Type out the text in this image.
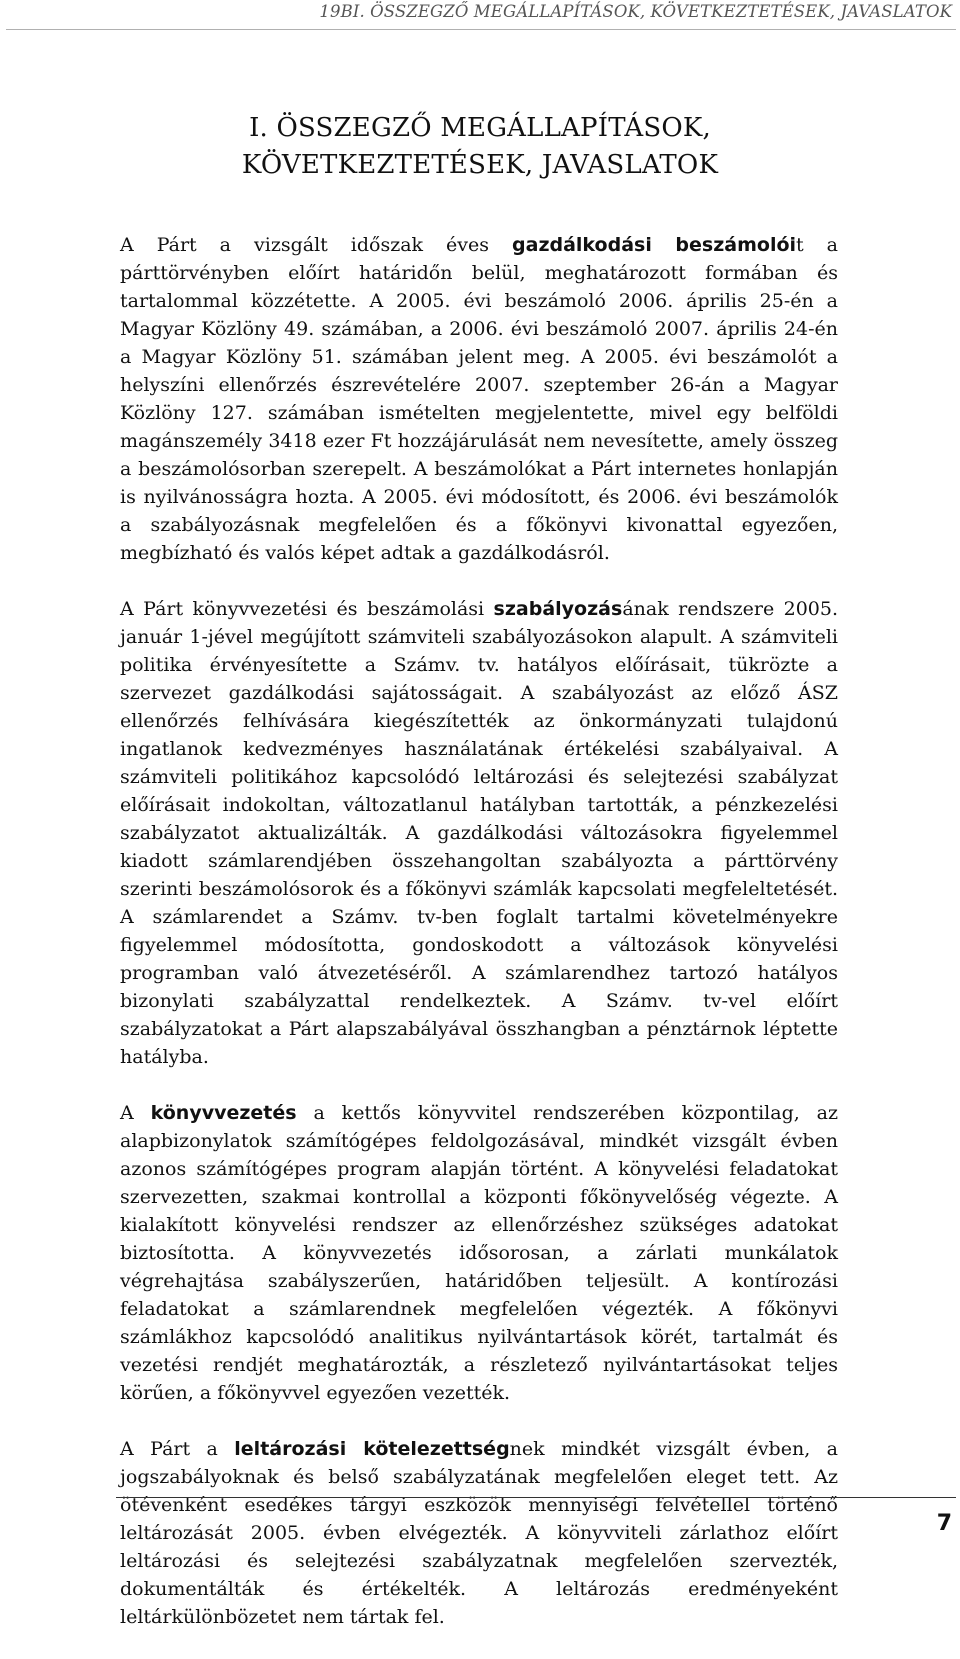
19BI. ÖSSZEGZŐ MEGÁLLAPÍTÁSOK, KÖVETKEZTETÉSEK, JAVASLATOK
I. ÖSSZEGZŐ MEGÁLLAPÍTÁSOK, KÖVETKEZTETÉSEK, JAVASLATOK

A Párt a vizsgált időszak éves gazdálkodási beszámolóit a párttörvényben előírt határidőn belül, meghatározott formában és tartalommal közzétette. A 2005. évi beszámoló 2006. április 25-én a Magyar Közlöny 49. számában, a 2006. évi beszámoló 2007. április 24-én a Magyar Közlöny 51. számában jelent meg. A 2005. évi beszámolót a helyszíni ellenőrzés észrevételére 2007. szeptember 26-án a Magyar Közlöny 127. számában ismételten megjelentette, mivel egy belföldi magánszemély 3418 ezer Ft hozzájárulását nem nevesítette, amely összeg a beszámolósorban szerepelt. A beszámolókat a Párt internetes honlapján is nyilvánosságra hozta. A 2005. évi módosított, és 2006. évi beszámolók a szabályozásnak megfelelően és a főkönyvi kivonattal egyezően, megbízható és valós képet adtak a gazdálkodásról.

A Párt könyvvezetési és beszámolási szabályozásának rendszere 2005. január 1-jével megújított számviteli szabályozásokon alapult. A számviteli politika érvényesítette a Számv. tv. hatályos előírásait, tükrözte a szervezet gazdálkodási sajátosságait. A szabályozást az előző ÁSZ ellenőrzés felhívására kiegészítették az önkormányzati tulajdonú ingatlanok kedvezményes használatának értékelési szabályaival. A számviteli politikához kapcsolódó leltározási és selejtezési szabályzat előírásait indokoltan, változatlanul hatályban tartották, a pénzkezelési szabályzatot aktualizálták. A gazdálkodási változásokra figyelemmel kiadott számlarendjében összehangoltan szabályozta a párttörvény szerinti beszámolósorok és a főkönyvi számlák kapcsolati megfeleltetését. A számlarendet a Számv. tv-ben foglalt tartalmi követelményekre figyelemmel módosította, gondoskodott a változások könyvelési programban való átvezetéséről. A számlarendhez tartozó hatályos bizonylati szabályzattal rendelkeztek. A Számv. tv-vel előírt szabályzatokat a Párt alapszabályával összhangban a pénztárnok léptette hatályba.

A könyvvezetés a kettős könyvvitel rendszerében központilag, az alapbizonylatok számítógépes feldolgozásával, mindkét vizsgált évben azonos számítógépes program alapján történt. A könyvelési feladatokat szervezetten, szakmai kontrollal a központi főkönyvelőség végezte. A kialakított könyvelési rendszer az ellenőrzéshez szükséges adatokat biztosította. A könyvvezetés idősorosan, a zárlati munkálatok végrehajtása szabályszerűen, határidőben teljesült. A kontírozási feladatokat a számlarendnek megfelelően végezték. A főkönyvi számlákhoz kapcsolódó analitikus nyilvántartások körét, tartalmát és vezetési rendjét meghatározták, a részletező nyilvántartásokat teljes körűen, a főkönyvvel egyezően vezették.

A Párt a leltározási kötelezettségnek mindkét vizsgált évben, a jogszabályoknak és belső szabályzatának megfelelően eleget tett. Az ötévenként esedékes tárgyi eszközök mennyiségi felvétellel történő leltározását 2005. évben elvégezték. A könyvviteli zárlathoz előírt leltározási és selejtezési szabályzatnak megfelelően szervezték, dokumentálták és értékelték. A leltározás eredményeként leltárkülönbözetet nem tártak fel.

7
